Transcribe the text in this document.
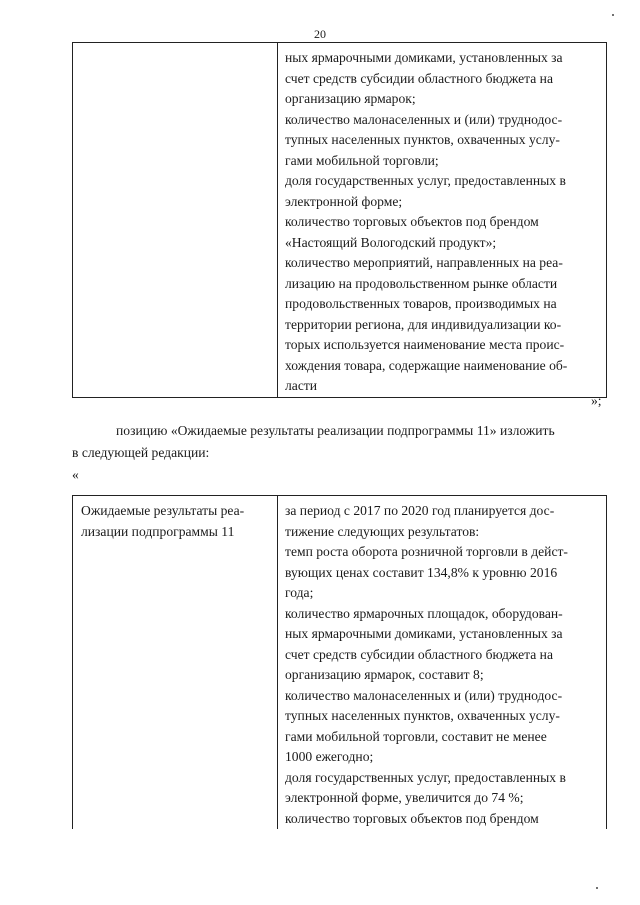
20

ных ярмарочными домиками, установленных за
счет средств субсидии областного бюджета на
организацию ярмарок;
количество малонаселенных и (или) труднодос-
тупных населенных пунктов, охваченных услу-
гами мобильной торговли;
доля государственных услуг, предоставленных в
электронной форме;
количество торговых объектов под брендом
«Настоящий Вологодский продукт»;
количество мероприятий, направленных на реа-
лизацию на продовольственном рынке области
продовольственных товаров, производимых на
территории региона, для индивидуализации ко-
торых используется наименование места проис-
хождения товара, содержащие наименование об-
ласти
»;
позицию «Ожидаемые результаты реализации подпрограммы 11» изложить
в следующей редакции:
«
Ожидаемые результаты реа-
лизации подпрограммы 11

за период с 2017 по 2020 год планируется дос-
тижение следующих результатов:
темп роста оборота розничной торговли в дейст-
вующих ценах составит 134,8% к уровню 2016
года;
количество ярмарочных площадок, оборудован-
ных ярмарочными домиками, установленных за
счет средств субсидии областного бюджета на
организацию ярмарок, составит 8;
количество малонаселенных и (или) труднодос-
тупных населенных пунктов, охваченных услу-
гами мобильной торговли, составит не менее
1000 ежегодно;
доля государственных услуг, предоставленных в
электронной форме, увеличится до 74 %;
количество торговых объектов под брендом
